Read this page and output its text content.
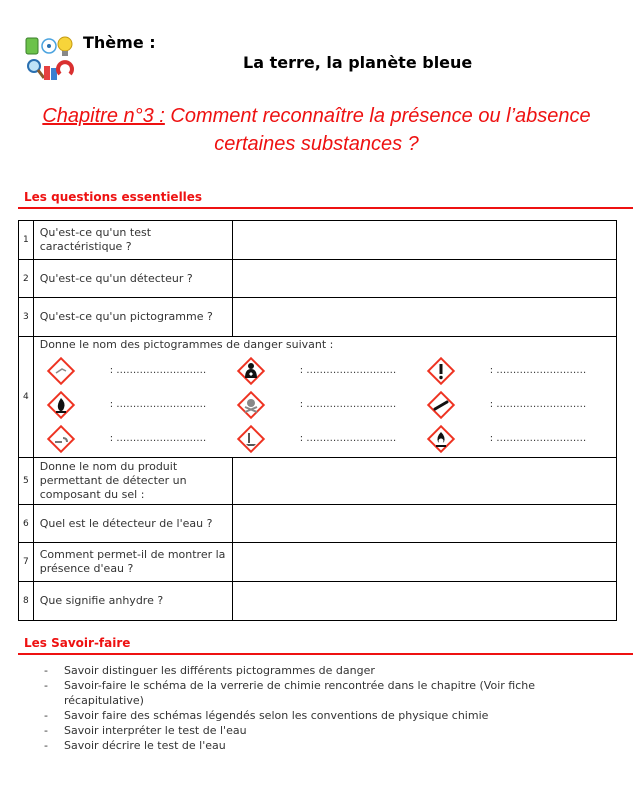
Thème :
La terre, la planète bleue
Chapitre n°3 : Comment reconnaître la présence ou l’absence
certaines substances ?
Les questions essentielles
1	Qu'est-ce qu'un test caractéristique ?	
2	Qu'est-ce qu'un détecteur ?	
3	Qu'est-ce qu'un pictogramme ?	
4	
Donne le nom des pictogrammes de danger suivant :
: ………………………	: ………………………	: ………………………
: ………………………	: ………………………	: ………………………
: ………………………	: ………………………	: ………………………

5	Donne le nom du produit permettant de détecter un composant du sel :	
6	Quel est le détecteur de l'eau ?	
7	Comment permet-il de montrer la présence d'eau ?	
8	Que signifie anhydre ?	
Les Savoir-faire
- Savoir distinguer les différents pictogrammes de danger
- Savoir-faire le schéma de la verrerie de chimie rencontrée dans le chapitre (Voir fiche récapitulative)
- Savoir faire des schémas légendés selon les conventions de physique chimie
- Savoir interpréter le test de l'eau
- Savoir décrire le test de l'eau
